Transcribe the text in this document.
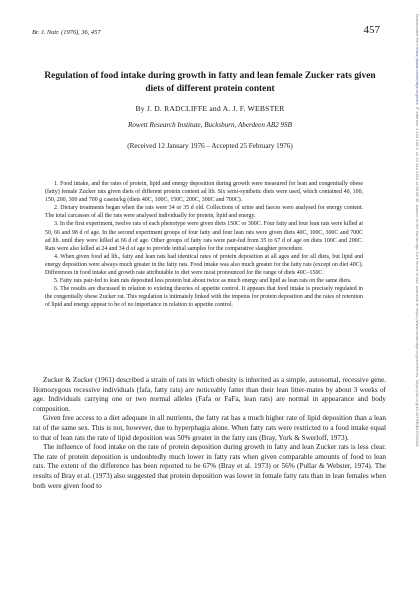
Br. J. Nutr. (1976), 36, 457	457	Downloaded from https://www.cambridge.org/core. IP address: 1.152.155.5, on 21 Sep 2019 at 06:08:30, subject to the Cambridge Core terms of use, available at https://www.cambridge.org/core/terms. https://doi.org/10.1079/BJN19760100
Regulation of food intake during growth in fatty and lean female Zucker rats given diets of different protein content
By J. D. RADCLIFFE and A. J. F. WEBSTER
Rowett Research Institute, Bucksburn, Aberdeen AB2 9SB
(Received 12 January 1976 – Accepted 25 February 1976)

1. Food intake, and the rates of protein, lipid and energy deposition during growth were measured for lean and congenitally obese (fatty) female Zucker rats given diets of different protein content ad lib. Six semi-synthetic diets were used, which contained 40, 100, 150, 200, 300 and 700 g casein/kg (diets 40C, 100C, 150C, 200C, 300C and 700C).

2. Dietary treatments began when the rats were 34 or 35 d old. Collections of urine and faeces were analysed for energy content. The total carcasses of all the rats were analysed individually for protein, lipid and energy.

3. In the first experiment, twelve rats of each phenotype were given diets 150C or 300C. Four fatty and four lean rats were killed at 50, 66 and 98 d of age. In the second experiment groups of four fatty and four lean rats were given diets 40C, 100C, 300C and 700C ad lib. until they were killed at 66 d of age. Other groups of fatty rats were pair-fed from 35 to 67 d of age on diets 100C and 200C. Rats were also killed at 24 and 34 d of age to provide initial samples for the comparative slaughter procedure.

4. When given food ad lib., fatty and lean rats had identical rates of protein deposition at all ages and for all diets, but lipid and energy deposition were always much greater in the fatty rats. Food intake was also much greater for the fatty rats (except on diet 40C). Differences in food intake and growth rate attributable to diet were most pronounced for the range of diets 40C–150C.

5. Fatty rats pair-fed to lean rats deposited less protein but about twice as much energy and lipid as lean rats on the same diets.

6. The results are discussed in relation to existing theories of appetite control. It appears that food intake is precisely regulated in the congenitally obese Zucker rat. This regulation is intimately linked with the impetus for protein deposition and the rates of retention of lipid and energy appear to be of no importance in relation to appetite control.

Zucker & Zucker (1961) described a strain of rats in which obesity is inherited as a simple, autosomal, recessive gene. Homozygous recessive individuals (fafa, fatty rats) are noticeably fatter than their lean litter-mates by about 3 weeks of age. Individuals carrying one or two normal alleles (Fafa or FaFa, lean rats) are normal in appearance and body composition.

Given free access to a diet adequate in all nutrients, the fatty rat has a much higher rate of lipid deposition than a lean rat of the same sex. This is not, however, due to hyperphagia alone. When fatty rats were restricted to a food intake equal to that of lean rats the rate of lipid deposition was 50% greater in the fatty rats (Bray, York & Swerloff, 1973).

The influence of food intake on the rate of protein deposition during growth in fatty and lean Zucker rats is less clear. The rate of protein deposition is undoubtedly much lower in fatty rats when given comparable amounts of food to lean rats. The extent of the difference has been reported to be 67% (Bray et al. 1973) or 56% (Pullar & Webster, 1974). The results of Bray et al. (1973) also suggested that protein deposition was lower in female fatty rats than in lean females when both were given food to
